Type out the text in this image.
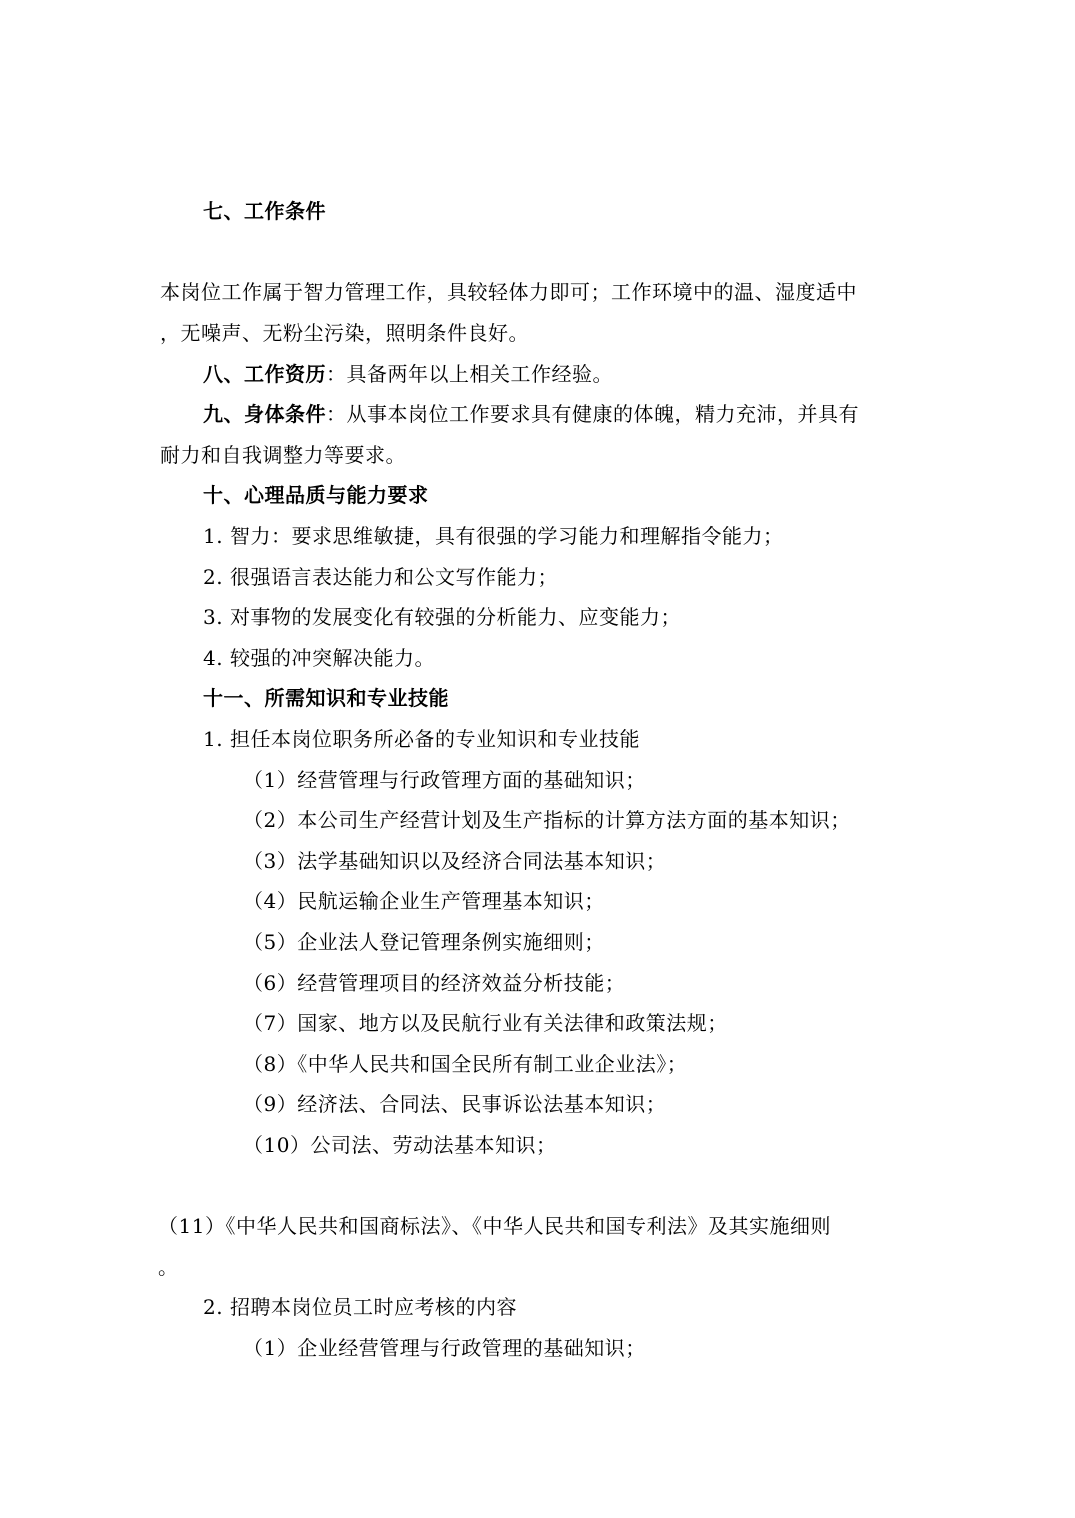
七、工作条件
本岗位工作属于智力管理工作，具较轻体力即可；工作环境中的温、湿度适中
，无噪声、无粉尘污染，照明条件良好。
八、工作资历：具备两年以上相关工作经验。
九、身体条件：从事本岗位工作要求具有健康的体魄，精力充沛，并具有
耐力和自我调整力等要求。
十、心理品质与能力要求
1. 智力：要求思维敏捷，具有很强的学习能力和理解指令能力；
2. 很强语言表达能力和公文写作能力；
3. 对事物的发展变化有较强的分析能力、应变能力；
4. 较强的冲突解决能力。
十一、所需知识和专业技能
1. 担任本岗位职务所必备的专业知识和专业技能
（1）经营管理与行政管理方面的基础知识；
（2）本公司生产经营计划及生产指标的计算方法方面的基本知识；
（3）法学基础知识以及经济合同法基本知识；
（4）民航运输企业生产管理基本知识；
（5）企业法人登记管理条例实施细则；
（6）经营管理项目的经济效益分析技能；
（7）国家、地方以及民航行业有关法律和政策法规；
（8）《中华人民共和国全民所有制工业企业法》；
（9）经济法、合同法、民事诉讼法基本知识；
（10）公司法、劳动法基本知识；
（11）《中华人民共和国商标法》、《中华人民共和国专利法》及其实施细则
。
2. 招聘本岗位员工时应考核的内容
（1）企业经营管理与行政管理的基础知识；
